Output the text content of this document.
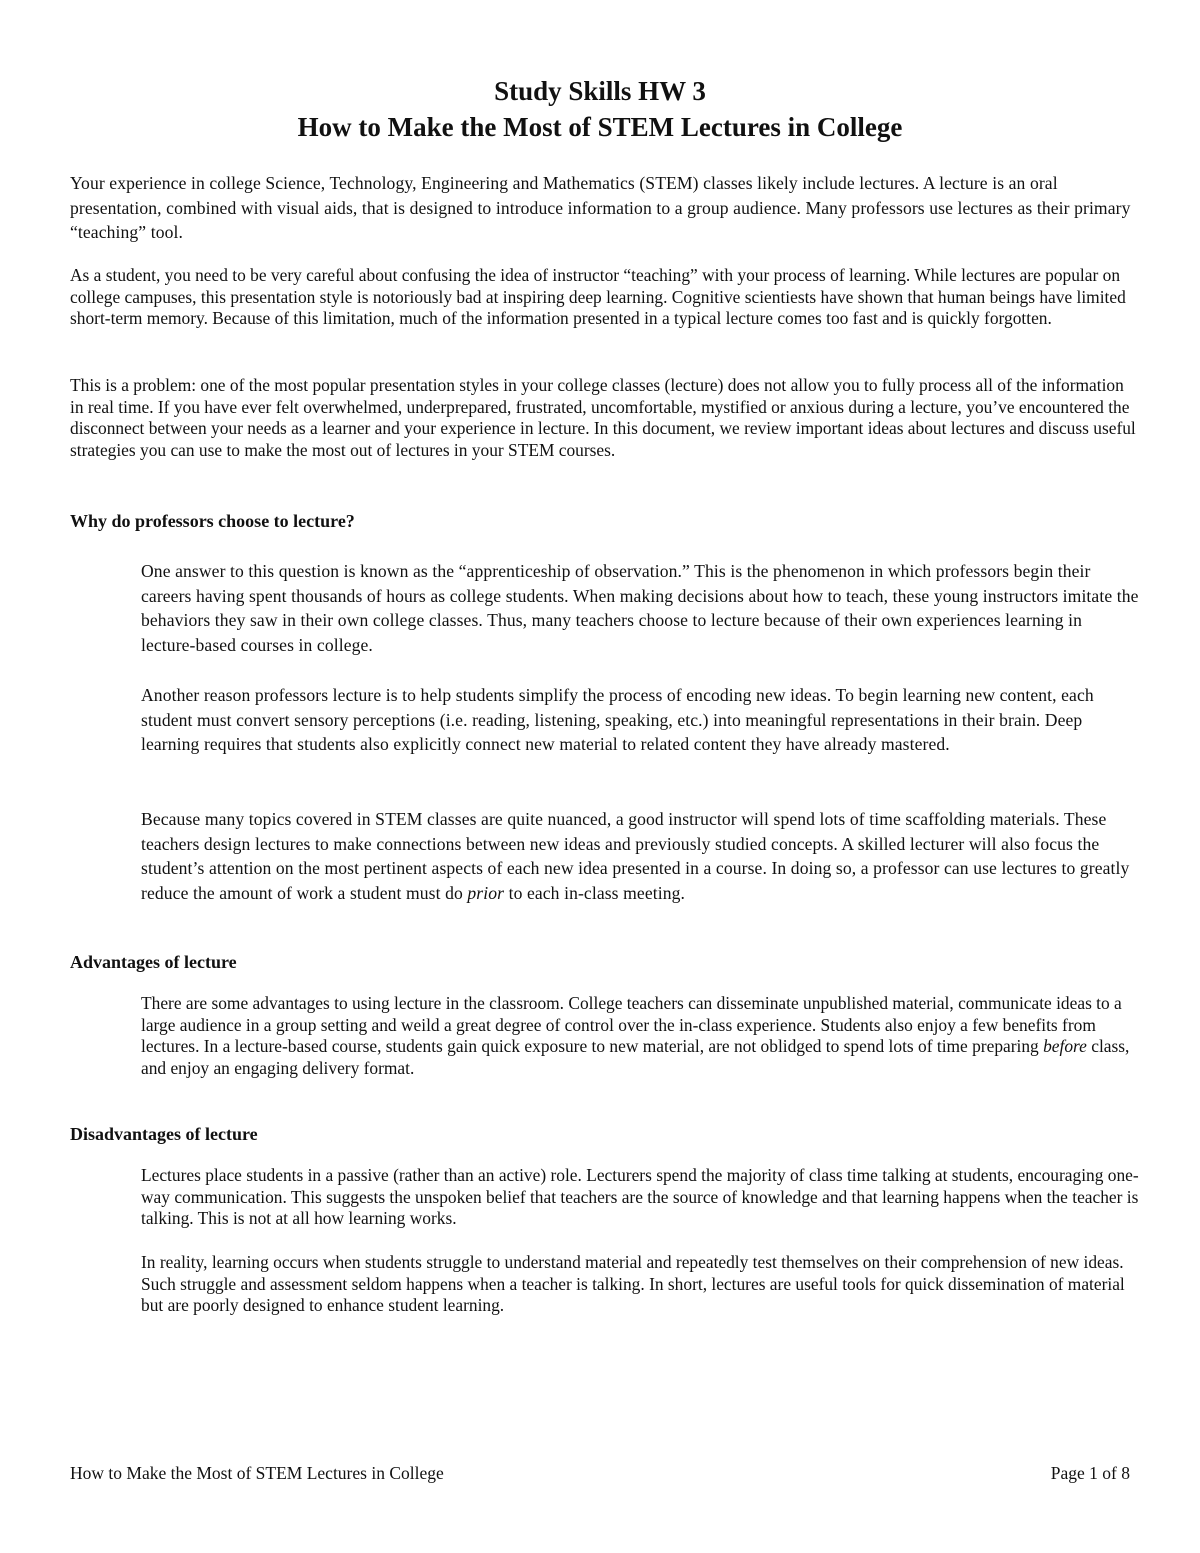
Study Skills HW 3
How to Make the Most of STEM Lectures in College

Your experience in college Science, Technology, Engineering and Mathematics (STEM) classes likely include lectures. A lecture is an oral presentation, combined with visual aids, that is designed to introduce information to a group audience. Many professors use lectures as their primary “teaching” tool.

As a student, you need to be very careful about confusing the idea of instructor “teaching” with your process of learning. While lectures are popular on college campuses, this presentation style is notoriously bad at inspiring deep learning. Cognitive scientiests have shown that human beings have limited short-term memory. Because of this limitation, much of the information presented in a typical lecture comes too fast and is quickly forgotten.

This is a problem: one of the most popular presentation styles in your college classes (lecture) does not allow you to fully process all of the information in real time. If you have ever felt overwhelmed, underprepared, frustrated, uncomfortable, mystified or anxious during a lecture, you’ve encountered the disconnect between your needs as a learner and your experience in lecture. In this document, we review important ideas about lectures and discuss useful strategies you can use to make the most out of lectures in your STEM courses.

Why do professors choose to lecture?

One answer to this question is known as the “apprenticeship of observation.” This is the phenomenon in which professors begin their careers having spent thousands of hours as college students. When making decisions about how to teach, these young instructors imitate the behaviors they saw in their own college classes. Thus, many teachers choose to lecture because of their own experiences learning in lecture-based courses in college.

Another reason professors lecture is to help students simplify the process of encoding new ideas. To begin learning new content, each student must convert sensory perceptions (i.e. reading, listening, speaking, etc.) into meaningful representations in their brain. Deep learning requires that students also explicitly connect new material to related content they have already mastered.

Because many topics covered in STEM classes are quite nuanced, a good instructor will spend lots of time scaffolding materials. These teachers design lectures to make connections between new ideas and previously studied concepts. A skilled lecturer will also focus the student’s attention on the most pertinent aspects of each new idea presented in a course. In doing so, a professor can use lectures to greatly reduce the amount of work a student must do prior to each in-class meeting.

Advantages of lecture

There are some advantages to using lecture in the classroom. College teachers can disseminate unpublished material, communicate ideas to a large audience in a group setting and weild a great degree of control over the in-class experience. Students also enjoy a few benefits from lectures. In a lecture-based course, students gain quick exposure to new material, are not oblidged to spend lots of time preparing before class, and enjoy an engaging delivery format.

Disadvantages of lecture

Lectures place students in a passive (rather than an active) role. Lecturers spend the majority of class time talking at students, encouraging one-way communication. This suggests the unspoken belief that teachers are the source of knowledge and that learning happens when the teacher is talking. This is not at all how learning works.

In reality, learning occurs when students struggle to understand material and repeatedly test themselves on their comprehension of new ideas. Such struggle and assessment seldom happens when a teacher is talking. In short, lectures are useful tools for quick dissemination of material but are poorly designed to enhance student learning.

How to Make the Most of STEM Lectures in College	Page 1 of 8
